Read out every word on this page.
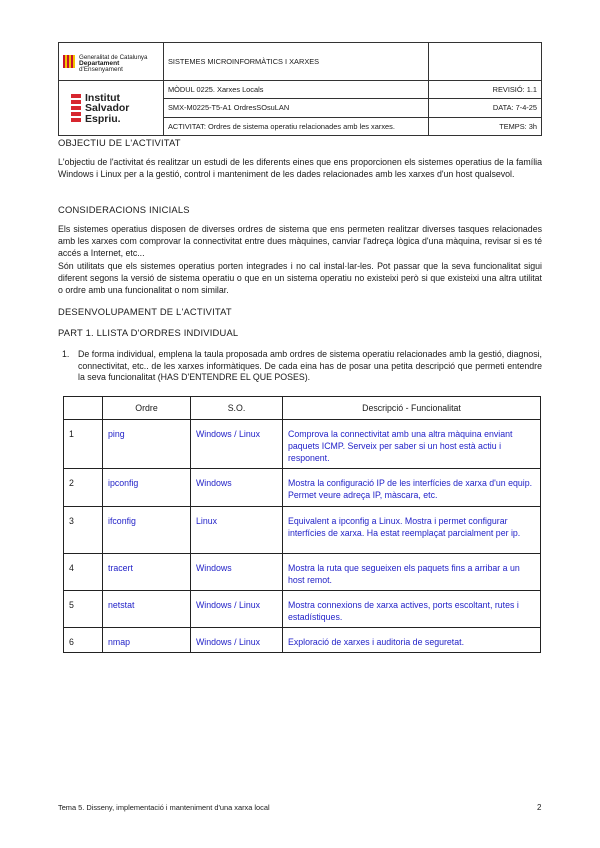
Generalitat de Catalunya
Departament
d'Ensenyament	SISTEMES MICROINFORMÀTICS I XARXES	

Institut
Salvador
Espriu.	MÒDUL 0225. Xarxes Locals	REVISIÓ: 1.1
	SMX-M0225-T5-A1 OrdresSOsuLAN	DATA: 7-4-25
	ACTIVITAT: Ordres de sistema operatiu relacionades amb les xarxes.	TEMPS: 3h
OBJECTIU DE L'ACTIVITAT
L'objectiu de l'activitat és realitzar un estudi de les diferents eines que ens proporcionen els sistemes operatius de la família Windows i Linux per a la gestió, control i manteniment de les dades relacionades amb les xarxes d'un host qualsevol.
CONSIDERACIONS INICIALS
Els sistemes operatius disposen de diverses ordres de sistema que ens permeten realitzar diverses tasques relacionades amb les xarxes com comprovar la connectivitat entre dues màquines, canviar l'adreça lògica d'una màquina, revisar si es té accés a Internet, etc...
Són utilitats que els sistemes operatius porten integrades i no cal instal·lar-les. Pot passar que la seva funcionalitat sigui diferent segons la versió de sistema operatiu o que en un sistema operatiu no existeixi però si que existeixi una altra utilitat o ordre amb una funcionalitat o nom similar.
DESENVOLUPAMENT DE L'ACTIVITAT
PART 1. LLISTA D'ORDRES INDIVIDUAL
1. De forma individual, emplena la taula proposada amb ordres de sistema operatiu relacionades amb la gestió, diagnosi, connectivitat, etc.. de les xarxes informàtiques. De cada eina has de posar una petita descripció que permeti entendre la seva funcionalitat (HAS D'ENTENDRE EL QUE POSES).
	Ordre	S.O.	Descripció - Funcionalitat
1	ping	Windows / Linux	Comprova la connectivitat amb una altra màquina enviant paquets ICMP. Serveix per saber si un host està actiu i responent.
2	ipconfig	Windows	Mostra la configuració IP de les interfícies de xarxa d'un equip. Permet veure adreça IP, màscara, etc.
3	ifconfig	Linux	Equivalent a ipconfig a Linux. Mostra i permet configurar interfícies de xarxa. Ha estat reemplaçat parcialment per ip.
4	tracert	Windows	Mostra la ruta que segueixen els paquets fins a arribar a un host remot.
5	netstat	Windows / Linux	Mostra connexions de xarxa actives, ports escoltant, rutes i estadístiques.
6	nmap	Windows / Linux	Exploració de xarxes i auditoria de seguretat.
Tema 5. Disseny, implementació i manteniment d'una xarxa local	2
